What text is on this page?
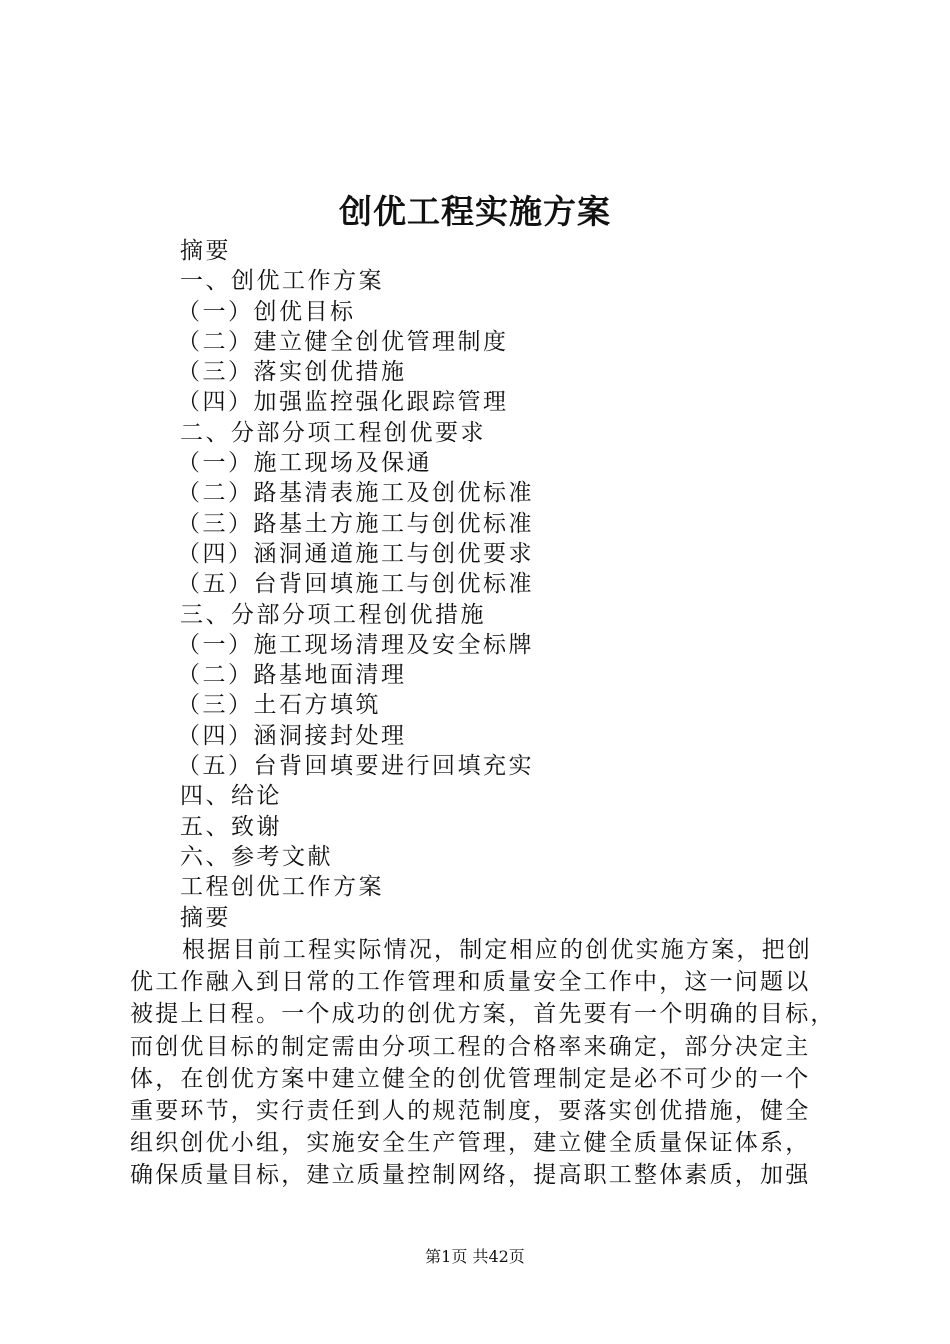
创优工程实施方案
摘要
一、创优工作方案
（一）创优目标
（二）建立健全创优管理制度
（三）落实创优措施
（四）加强监控强化跟踪管理
二、分部分项工程创优要求
（一）施工现场及保通
（二）路基清表施工及创优标准
（三）路基土方施工与创优标准
（四）涵洞通道施工与创优要求
（五）台背回填施工与创优标准
三、分部分项工程创优措施
（一）施工现场清理及安全标牌
（二）路基地面清理
（三）土石方填筑
（四）涵洞接封处理
（五）台背回填要进行回填充实
四、给论
五、致谢
六、参考文献
工程创优工作方案
摘要
根据目前工程实际情况，制定相应的创优实施方案，把创
优工作融入到日常的工作管理和质量安全工作中，这一问题以
被提上日程。一个成功的创优方案，首先要有一个明确的目标，
而创优目标的制定需由分项工程的合格率来确定，部分决定主
体，在创优方案中建立健全的创优管理制定是必不可少的一个
重要环节，实行责任到人的规范制度，要落实创优措施，健全
组织创优小组，实施安全生产管理，建立健全质量保证体系，
确保质量目标，建立质量控制网络，提高职工整体素质，加强
第1页 共42页
